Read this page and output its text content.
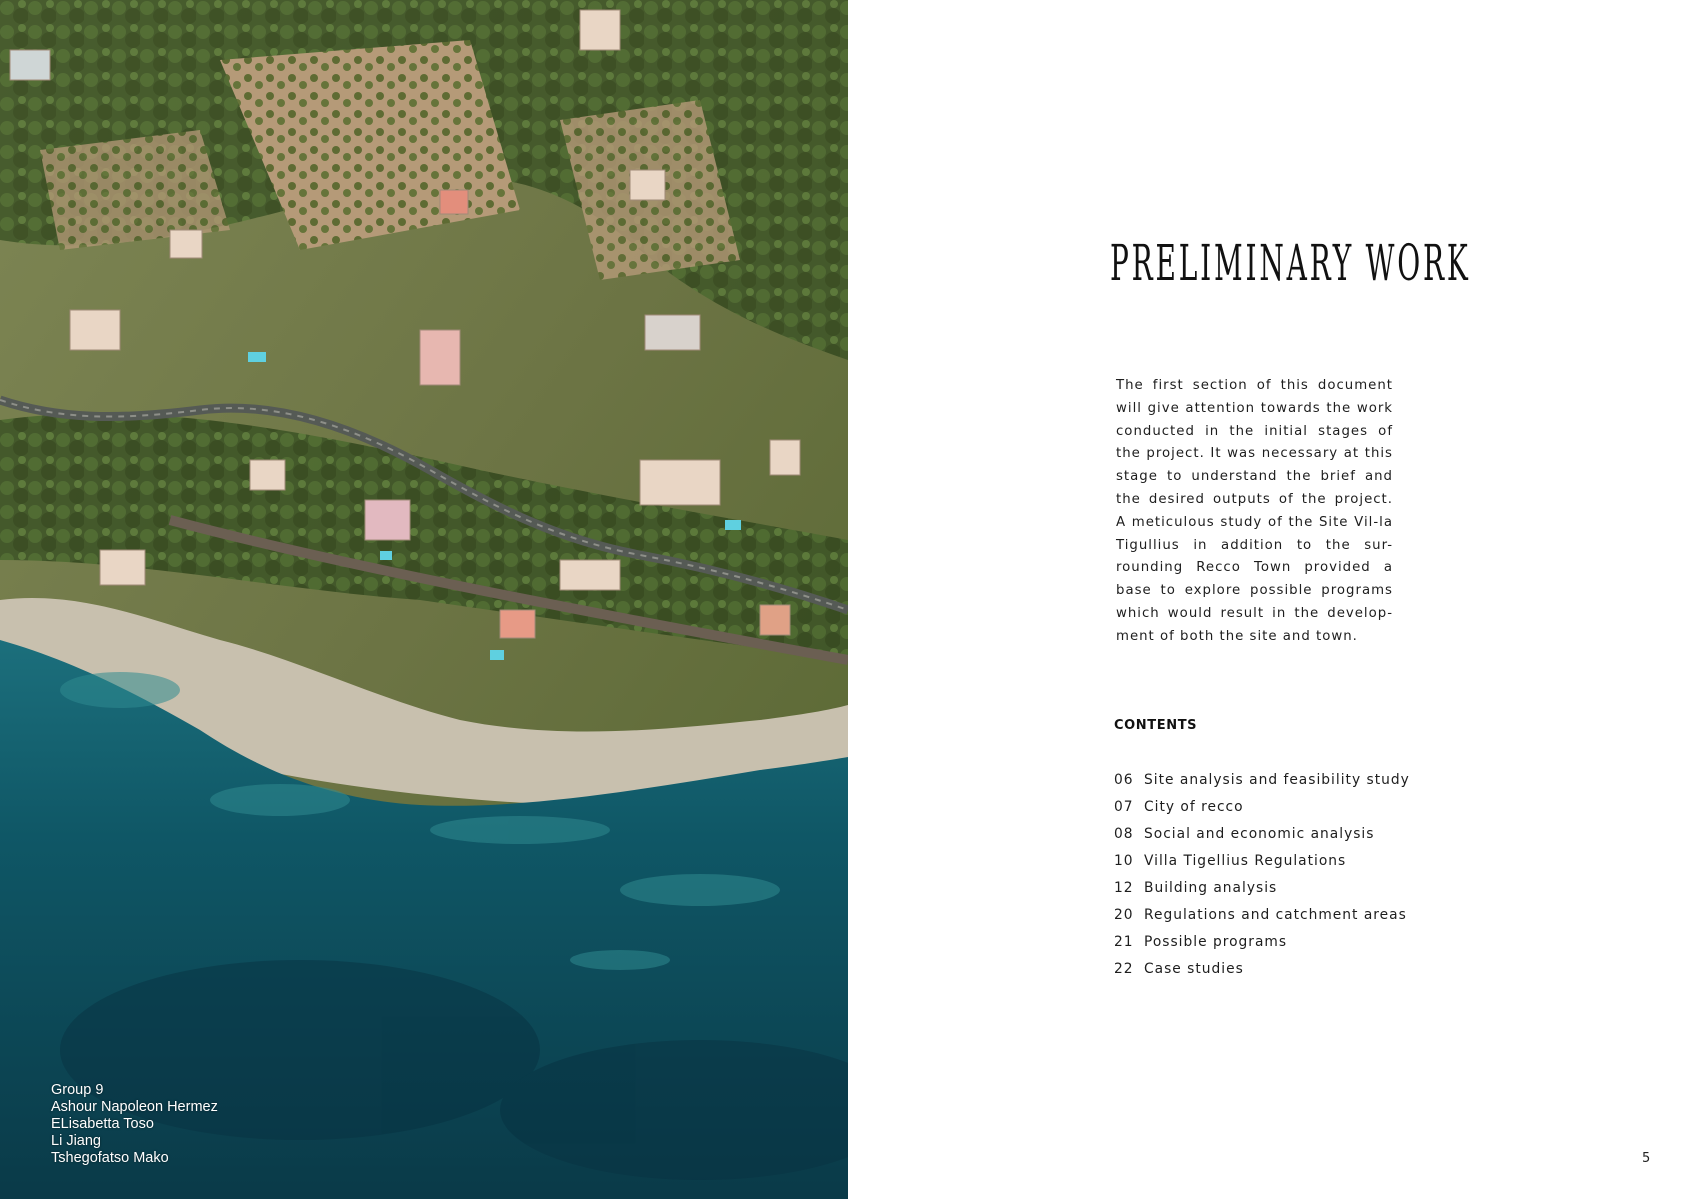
Group 9
Ashour Napoleon Hermez
ELisabetta Toso
Li Jiang
Tshegofatso Mako
PRELIMINARY WORK

The first section of this document will give attention towards the work conducted in the initial stages of the project. It was necessary at this stage to understand the brief and the desired outputs of the project. A meticulous study of the Site Vil-la Tigullius in addition to the sur-rounding Recco Town provided a base to explore possible programs which would result in the develop-ment of both the site and town.

CONTENTS
06 Site analysis and feasibility study
07 City of recco
08 Social and economic analysis
10 Villa Tigellius Regulations
12 Building analysis
20 Regulations and catchment areas
21 Possible programs
22 Case studies
5
